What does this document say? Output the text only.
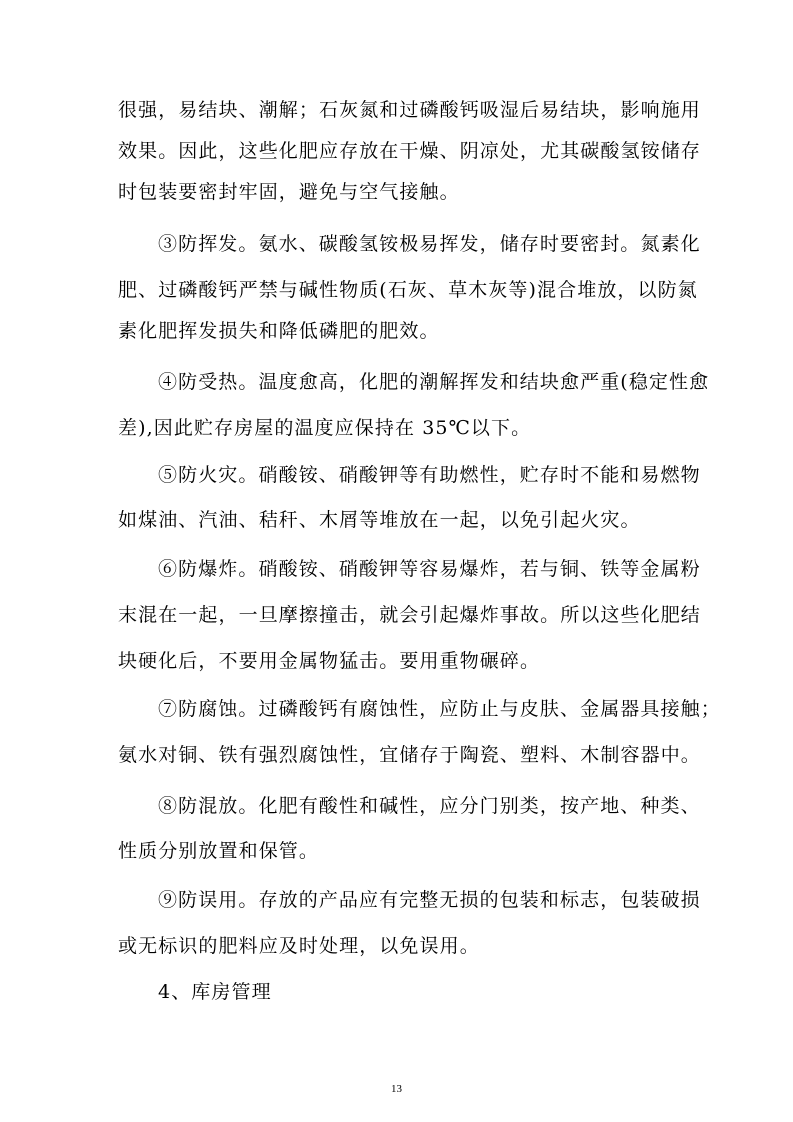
很强，易结块、潮解；石灰氮和过磷酸钙吸湿后易结块，影响施用
效果。因此，这些化肥应存放在干燥、阴凉处，尤其碳酸氢铵储存
时包装要密封牢固，避免与空气接触。
③防挥发。氨水、碳酸氢铵极易挥发，储存时要密封。氮素化
肥、过磷酸钙严禁与碱性物质(石灰、草木灰等)混合堆放，以防氮
素化肥挥发损失和降低磷肥的肥效。
④防受热。温度愈高，化肥的潮解挥发和结块愈严重(稳定性愈
差),因此贮存房屋的温度应保持在 35℃以下。
⑤防火灾。硝酸铵、硝酸钾等有助燃性，贮存时不能和易燃物
如煤油、汽油、秸秆、木屑等堆放在一起，以免引起火灾。
⑥防爆炸。硝酸铵、硝酸钾等容易爆炸，若与铜、铁等金属粉
末混在一起，一旦摩擦撞击，就会引起爆炸事故。所以这些化肥结
块硬化后，不要用金属物猛击。要用重物碾碎。
⑦防腐蚀。过磷酸钙有腐蚀性，应防止与皮肤、金属器具接触；
氨水对铜、铁有强烈腐蚀性，宜储存于陶瓷、塑料、木制容器中。
⑧防混放。化肥有酸性和碱性，应分门别类，按产地、种类、
性质分别放置和保管。
⑨防误用。存放的产品应有完整无损的包装和标志，包装破损
或无标识的肥料应及时处理，以免误用。
4、库房管理
13
